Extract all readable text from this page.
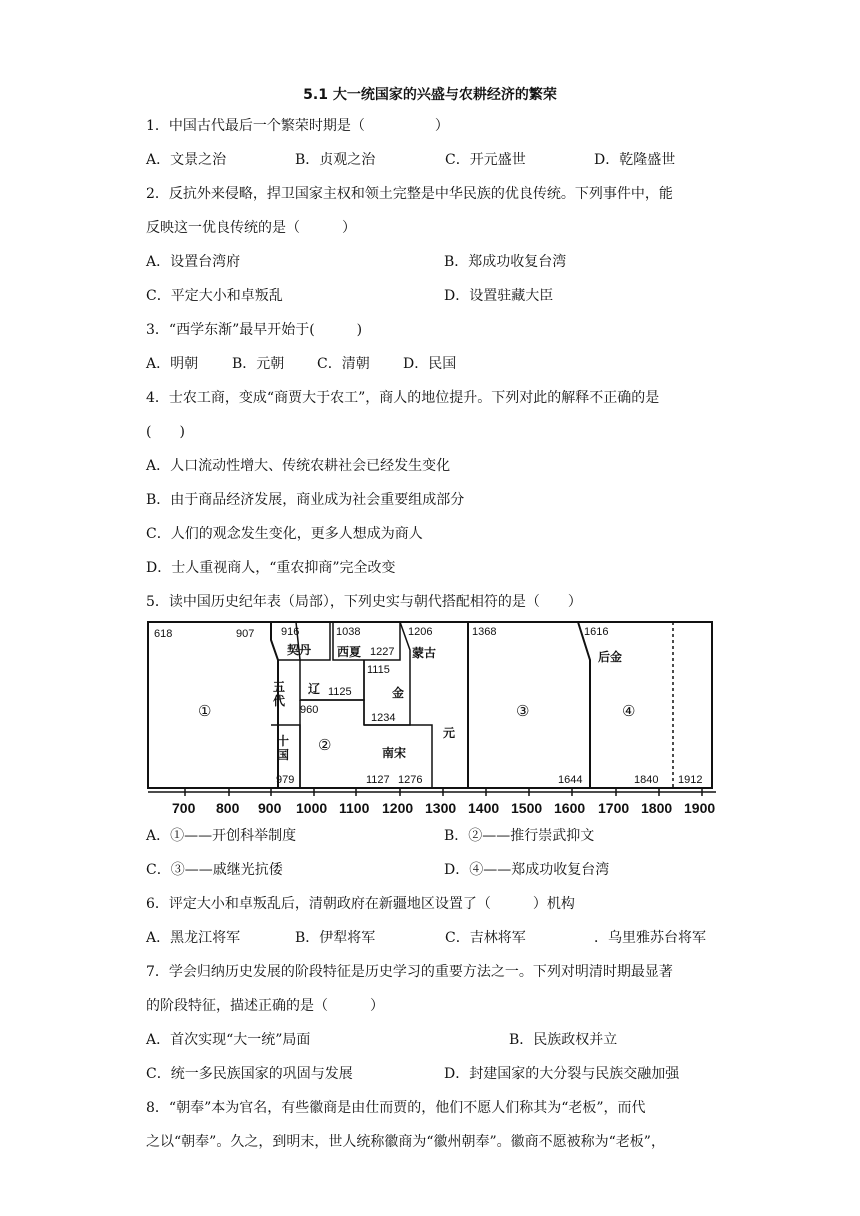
5.1 大一统国家的兴盛与农耕经济的繁荣
1．中国古代最后一个繁荣时期是（　　　　　）
A．文景之治	B．贞观之治	C．开元盛世	D．乾隆盛世
2．反抗外来侵略，捍卫国家主权和领土完整是中华民族的优良传统。下列事件中，能
反映这一优良传统的是（　　　）
A．设置台湾府	B．郑成功收复台湾
C．平定大小和卓叛乱	D．设置驻藏大臣
3．“西学东渐”最早开始于(　　　)
A．明朝 B．元朝 C．清朝 D．民国
4．士农工商，变成“商贾大于农工”，商人的地位提升。下列对此的解释不正确的是
(　　)
A．人口流动性增大、传统农耕社会已经发生变化
B．由于商品经济发展，商业成为社会重要组成部分
C．人们的观念发生变化，更多人想成为商人
D．士人重视商人，“重农抑商”完全改变
5．读中国历史纪年表（局部），下列史实与朝代搭配相符的是（　　）
618	907 916
契丹
1038
西夏 1227
1206
蒙古
1368	1616
后金
五代
辽 1125
1115
金
960
1234
十国	南宋
元
979	1127 1276	1644	1840 1912
①
②
③	④
700 800 900 1000 1100 1200 1300 1400 1500 1600 1700 1800 1900
A．①——开创科举制度	B．②——推行崇武抑文
C．③——戚继光抗倭	D．④——郑成功收复台湾
6．评定大小和卓叛乱后，清朝政府在新疆地区设置了（　　　）机构
A．黑龙江将军	B．伊犁将军	C．吉林将军	．乌里雅苏台将军
7．学会归纳历史发展的阶段特征是历史学习的重要方法之一。下列对明清时期最显著
的阶段特征，描述正确的是（　　　）
A．首次实现“大一统”局面	B．民族政权并立
C．统一多民族国家的巩固与发展	D．封建国家的大分裂与民族交融加强
8．“朝奉”本为官名，有些徽商是由仕而贾的，他们不愿人们称其为“老板”，而代
之以“朝奉”。久之，到明末，世人统称徽商为“徽州朝奉”。徽商不愿被称为“老板”，
